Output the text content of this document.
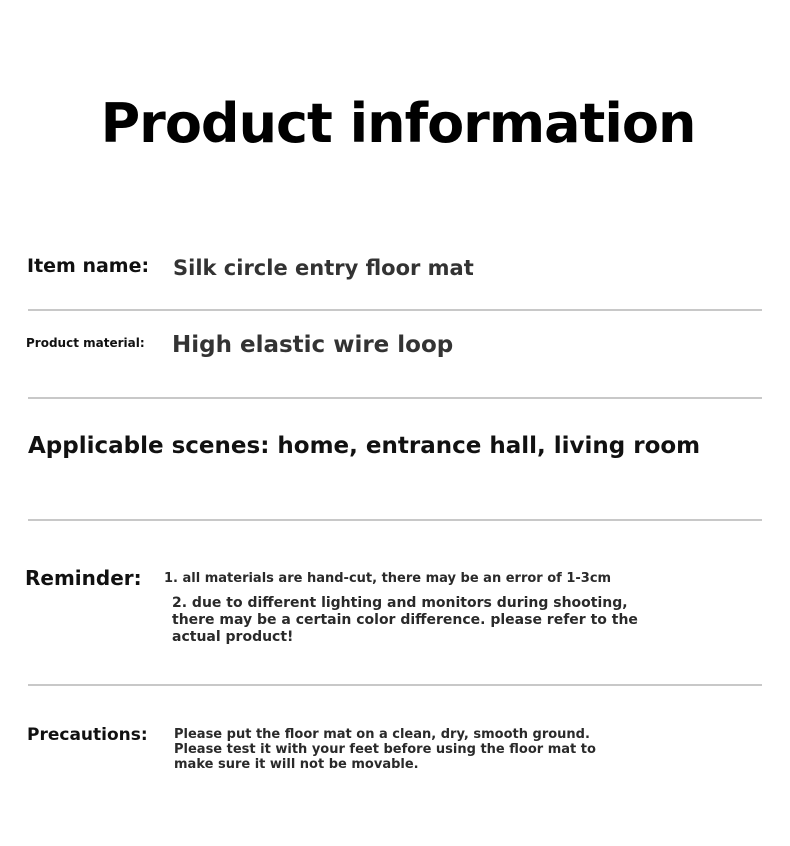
Product information
Item name: Silk circle entry floor mat
Product material: High elastic wire loop
Applicable scenes: home, entrance hall, living room
Reminder: 1. all materials are hand-cut, there may be an error of 1-3cm
2. due to different lighting and monitors during shooting, there may be a certain color difference. please refer to the actual product!
Precautions: Please put the floor mat on a clean, dry, smooth ground. Please test it with your feet before using the floor mat to make sure it will not be movable.
